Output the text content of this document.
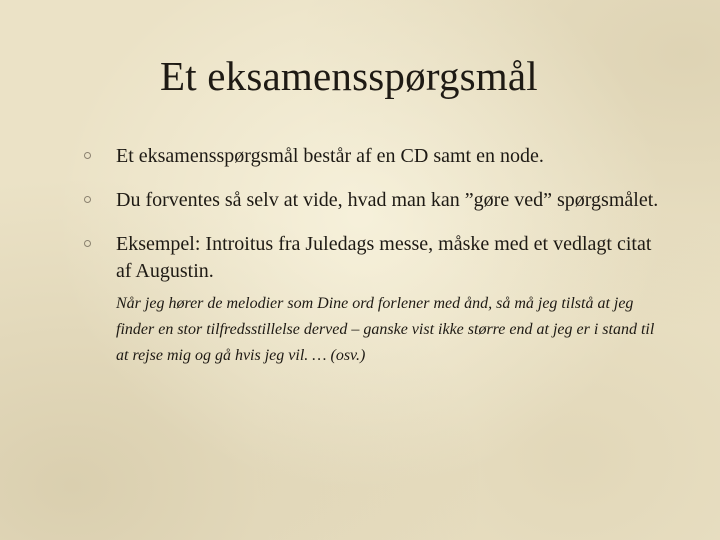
Et eksamensspørgsmål
Et eksamensspørgsmål består af en CD samt en node.
Du forventes så selv at vide, hvad man kan ”gøre ved” spørgsmålet.
Eksempel: Introitus fra Juledags messe, måske med et vedlagt citat af Augustin.
Når jeg hører de melodier som Dine ord forlener med ånd, så må jeg tilstå at jeg finder en stor tilfredsstillelse derved – ganske vist ikke større end at jeg er i stand til at rejse mig og gå hvis jeg vil. … (osv.)
